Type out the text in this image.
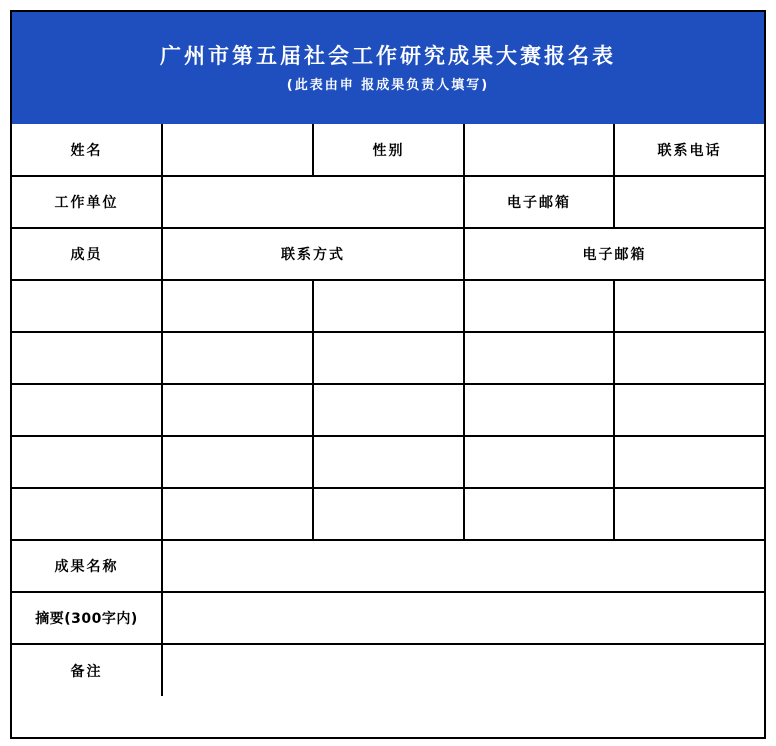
广州市第五届社会工作研究成果大赛报名表
(此表由申 报成果负责人填写)
姓名		性别		联系电话
工作单位			电子邮箱	
成员	联系方式		电子邮箱	

成果名称				
摘要(300字内)				
备注				
